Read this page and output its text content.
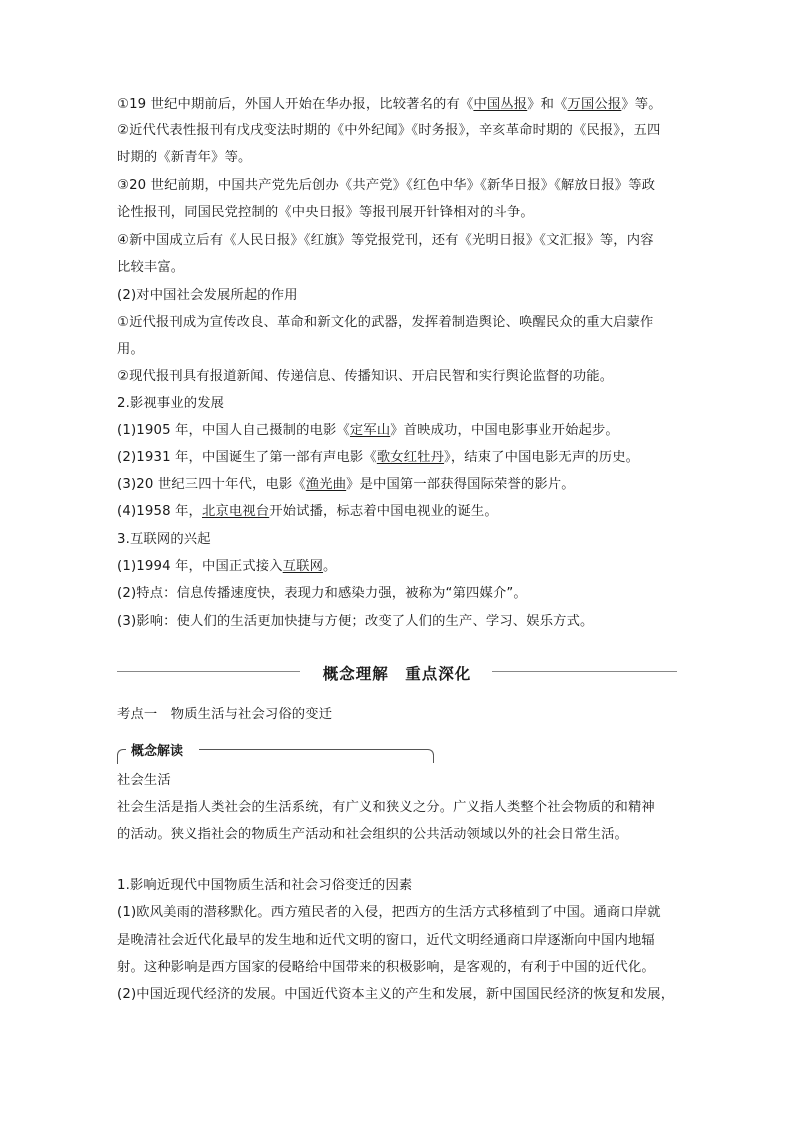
①19 世纪中期前后，外国人开始在华办报，比较著名的有《中国丛报》和《万国公报》等。
②近代代表性报刊有戊戌变法时期的《中外纪闻》《时务报》，辛亥革命时期的《民报》，五四
时期的《新青年》等。
③20 世纪前期，中国共产党先后创办《共产党》《红色中华》《新华日报》《解放日报》等政
论性报刊，同国民党控制的《中央日报》等报刊展开针锋相对的斗争。
④新中国成立后有《人民日报》《红旗》等党报党刊，还有《光明日报》《文汇报》等，内容
比较丰富。
(2)对中国社会发展所起的作用
①近代报刊成为宣传改良、革命和新文化的武器，发挥着制造舆论、唤醒民众的重大启蒙作
用。
②现代报刊具有报道新闻、传递信息、传播知识、开启民智和实行舆论监督的功能。
2.影视事业的发展
(1)1905 年，中国人自己摄制的电影《定军山》首映成功，中国电影事业开始起步。
(2)1931 年，中国诞生了第一部有声电影《歌女红牡丹》，结束了中国电影无声的历史。
(3)20 世纪三四十年代，电影《渔光曲》是中国第一部获得国际荣誉的影片。
(4)1958 年，北京电视台开始试播，标志着中国电视业的诞生。
3.互联网的兴起
(1)1994 年，中国正式接入互联网。
(2)特点：信息传播速度快，表现力和感染力强，被称为“第四媒介”。
(3)影响：使人们的生活更加快捷与方便；改变了人们的生产、学习、娱乐方式。
概念理解　重点深化
考点一　物质生活与社会习俗的变迁
概念解读
社会生活
社会生活是指人类社会的生活系统，有广义和狭义之分。广义指人类整个社会物质的和精神
的活动。狭义指社会的物质生产活动和社会组织的公共活动领域以外的社会日常生活。
1.影响近现代中国物质生活和社会习俗变迁的因素
(1)欧风美雨的潜移默化。西方殖民者的入侵，把西方的生活方式移植到了中国。通商口岸就
是晚清社会近代化最早的发生地和近代文明的窗口，近代文明经通商口岸逐渐向中国内地辐
射。这种影响是西方国家的侵略给中国带来的积极影响，是客观的，有利于中国的近代化。
(2)中国近现代经济的发展。中国近代资本主义的产生和发展，新中国国民经济的恢复和发展，
